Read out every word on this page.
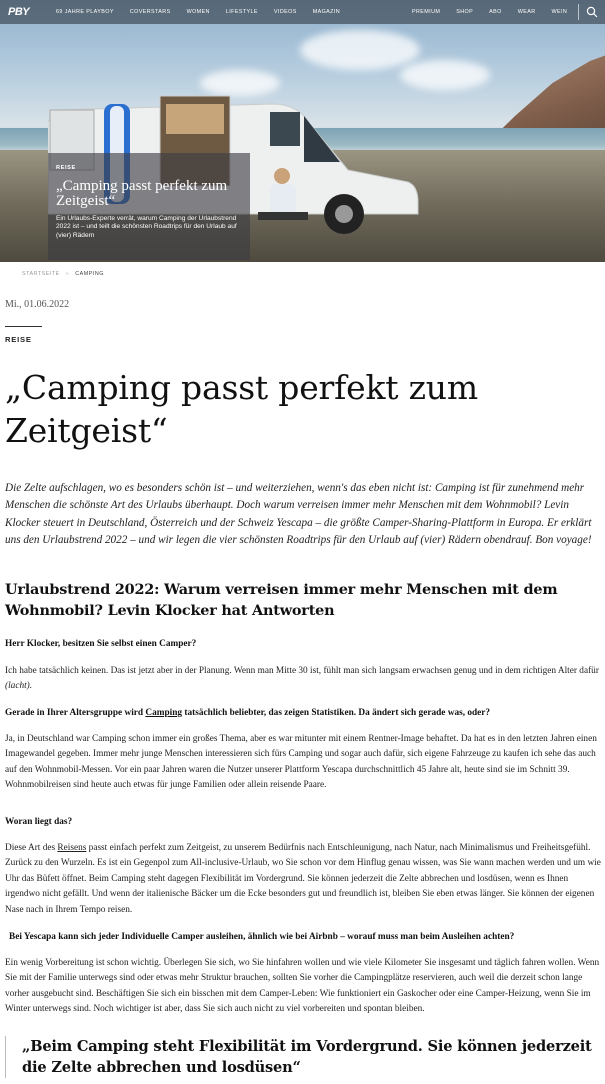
PBY	69 JAHRE PLAYBOY	COVERSTARS	WOMEN	LIFESTYLE	VIDEOS	MAGAZIN	PREMIUM	SHOP	ABO	WEAR	WEIN
REISE
„Camping passt perfekt zum Zeitgeist“
Ein Urlaubs-Experte verrät, warum Camping der Urlaubstrend 2022 ist – und teilt die schönsten Roadtrips für den Urlaub auf (vier) Rädern
STARTSEITE » CAMPING
Mi., 01.06.2022
REISE
„Camping passt perfekt zum
Zeitgeist“

Die Zelte aufschlagen, wo es besonders schön ist – und weiterziehen, wenn's das eben nicht ist: Camping ist für zunehmend mehr Menschen die schönste Art des Urlaubs überhaupt. Doch warum verreisen immer mehr Menschen mit dem Wohnmobil? Levin Klocker steuert in Deutschland, Österreich und der Schweiz Yescapa – die größte Camper-Sharing-Plattform in Europa. Er erklärt uns den Urlaubstrend 2022 – und wir legen die vier schönsten Roadtrips für den Urlaub auf (vier) Rädern obendrauf. Bon voyage!

Urlaubstrend 2022: Warum verreisen immer mehr Menschen mit dem Wohnmobil? Levin Klocker hat Antworten

Herr Klocker, besitzen Sie selbst einen Camper?

Ich habe tatsächlich keinen. Das ist jetzt aber in der Planung. Wenn man Mitte 30 ist, fühlt man sich langsam erwachsen genug und in dem richtigen Alter dafür (lacht).

Gerade in Ihrer Altersgruppe wird Camping tatsächlich beliebter, das zeigen Statistiken. Da ändert sich gerade was, oder?

Ja, in Deutschland war Camping schon immer ein großes Thema, aber es war mitunter mit einem Rentner-Image behaftet. Da hat es in den letzten Jahren einen Imagewandel gegeben. Immer mehr junge Menschen interessieren sich fürs Camping und sogar auch dafür, sich eigene Fahrzeuge zu kaufen ich sehe das auch auf den Wohnmobil-Messen. Vor ein paar Jahren waren die Nutzer unserer Plattform Yescapa durchschnittlich 45 Jahre alt, heute sind sie im Schnitt 39. Wohnmobilreisen sind heute auch etwas für junge Familien oder allein reisende Paare.

Woran liegt das?

Diese Art des Reisens passt einfach perfekt zum Zeitgeist, zu unserem Bedürfnis nach Entschleunigung, nach Natur, nach Minimalismus und Freiheitsgefühl. Zurück zu den Wurzeln. Es ist ein Gegenpol zum All-inclusive-Urlaub, wo Sie schon vor dem Hinflug genau wissen, was Sie wann machen werden und um wie Uhr das Büfett öffnet. Beim Camping steht dagegen Flexibilität im Vordergrund. Sie können jederzeit die Zelte abbrechen und losdüsen, wenn es Ihnen irgendwo nicht gefällt. Und wenn der italienische Bäcker um die Ecke besonders gut und freundlich ist, bleiben Sie eben etwas länger. Sie können der eigenen Nase nach in Ihrem Tempo reisen.

Bei Yescapa kann sich jeder Individuelle Camper ausleihen, ähnlich wie bei Airbnb – worauf muss man beim Ausleihen achten?

Ein wenig Vorbereitung ist schon wichtig. Überlegen Sie sich, wo Sie hinfahren wollen und wie viele Kilometer Sie insgesamt und täglich fahren wollen. Wenn Sie mit der Familie unterwegs sind oder etwas mehr Struktur brauchen, sollten Sie vorher die Campingplätze reservieren, auch weil die derzeit schon lange vorher ausgebucht sind. Beschäftigen Sie sich ein bisschen mit dem Camper-Leben: Wie funktioniert ein Gaskocher oder eine Camper-Heizung, wenn Sie im Winter unterwegs sind. Noch wichtiger ist aber, dass Sie sich auch nicht zu viel vorbereiten und spontan bleiben.

„Beim Camping steht Flexibilität im Vordergrund. Sie können jederzeit die Zelte abbrechen und losdüsen“
